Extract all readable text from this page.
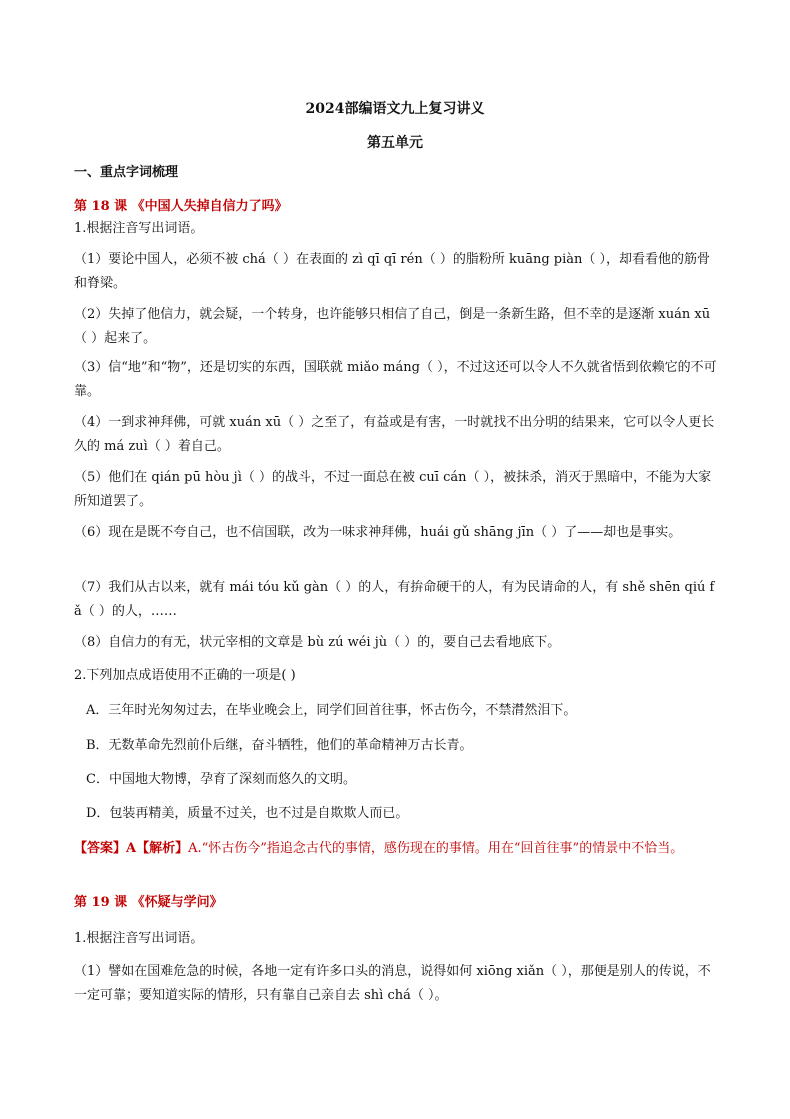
2024部编语文九上复习讲义
第五单元
一、重点字词梳理
第 18 课 《中国人失掉自信力了吗》
1.根据注音写出词语。
（1）要论中国人，必须不被 chá（ ）在表面的 zì qī qī rén（ ）的脂粉所 kuāng piàn（ ），却看看他的筋骨和脊梁。
（2）失掉了他信力，就会疑，一个转身，也许能够只相信了自己，倒是一条新生路，但不幸的是逐渐 xuán xū（ ）起来了。
（3）信“地”和“物”，还是切实的东西，国联就 miǎo máng（ ），不过这还可以令人不久就省悟到依赖它的不可靠。
（4）一到求神拜佛，可就 xuán xū（ ）之至了，有益或是有害，一时就找不出分明的结果来，它可以令人更长久的 má zuì（ ）着自己。
（5）他们在 qián pū hòu jì（ ）的战斗，不过一面总在被 cuī cán（ ），被抹杀，消灭于黑暗中，不能为大家所知道罢了。
（6）现在是既不夸自己，也不信国联，改为一味求神拜佛，huái gǔ shāng jīn（ ）了——却也是事实。
（7）我们从古以来，就有 mái tóu kǔ gàn（ ）的人，有拚命硬干的人，有为民请命的人，有 shě shēn qiú fǎ（ ）的人，……
（8）自信力的有无，状元宰相的文章是 bù zú wéi jù（ ）的，要自己去看地底下。
2.下列加点成语使用不正确的一项是( )
A．三年时光匆匆过去，在毕业晚会上，同学们回首往事，怀古伤今，不禁潸然泪下。
B．无数革命先烈前仆后继，奋斗牺牲，他们的革命精神万古长青。
C．中国地大物博，孕育了深刻而悠久的文明。
D．包装再精美，质量不过关，也不过是自欺欺人而已。
【答案】A【解析】A.“怀古伤今”指追念古代的事情，感伤现在的事情。用在“回首往事”的情景中不恰当。
第 19 课 《怀疑与学问》
1.根据注音写出词语。
（1）譬如在国难危急的时候，各地一定有许多口头的消息，说得如何 xiōng xiǎn（ ），那便是别人的传说，不一定可靠；要知道实际的情形，只有靠自己亲自去 shì chá（ ）。
